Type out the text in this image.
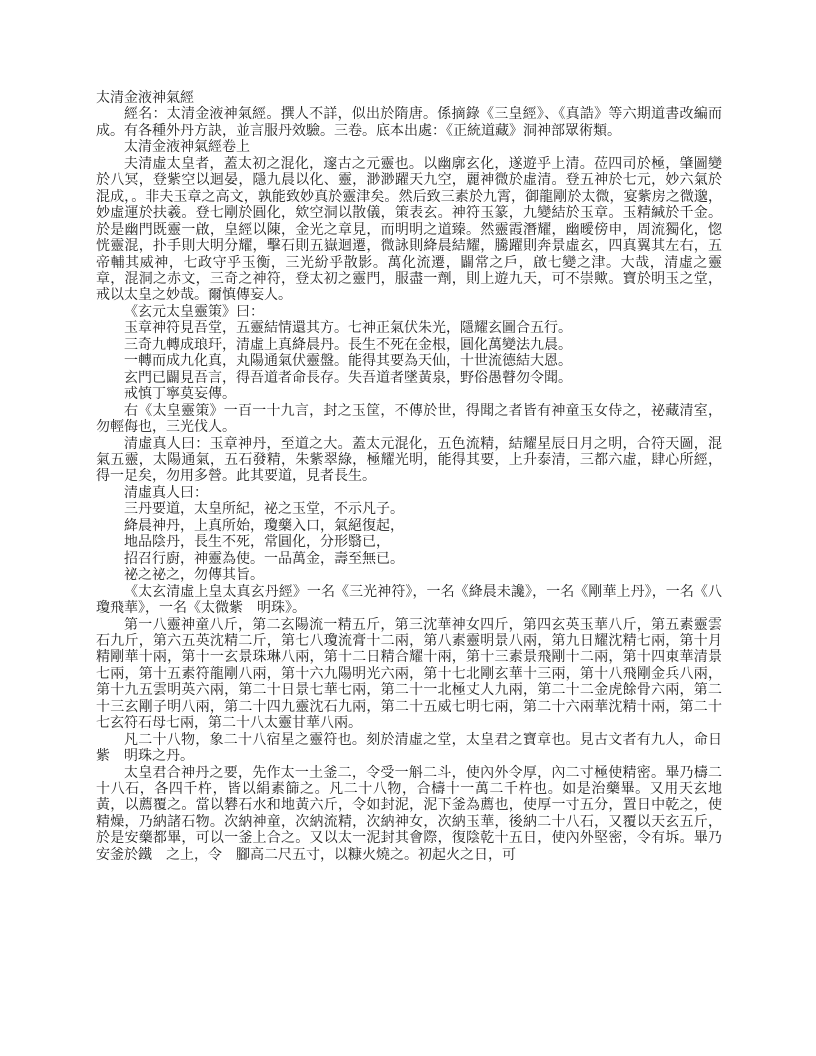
太清金液神氣經

經名：太清金液神氣經。撰人不詳，似出於隋唐。係摘錄《三皇經》、《真誥》等六期道書改編而成。有各種外丹方訣，並言服丹效驗。三卷。底本出處：《正統道藏》洞神部眾術類。

太清金液神氣經卷上

夫清虛太皇者，蓋太初之混化，邃古之元靈也。以幽廓玄化，遂遊乎上清。莅四司於極，肇圖變於八冥，登紫空以迴晏，隱九晨以化、靈，渺渺躍天九空，麗神微於虛清。登五神於七元，妙六氣於混成，。非夫玉章之高文，孰能致妙真於靈津矣。然后致三素於九霄，御龍剛於太微，宴紫房之微邈，妙虛運於扶羲。登七剛於圓化，欸空洞以散儀，策表玄。神符玉篆，九變結於玉章。玉精緘於千金。於是幽門既靈一啟，皇經以陳，金光之章見，而明明之道臻。然靈霞潛耀，幽曖傍申，周流獨化，惚恍靈混，扑手則大明分耀，擊石則五嶽迴遷，微詠則絳晨結耀，騰躍則奔景虛玄，四真翼其左右，五帝輔其威神，七政守乎玉衡，三光紛乎散影。萬化流遷，闢常之戶，啟七變之津。大哉，清虛之靈章，混洞之赤文，三奇之神符，登太初之靈門，服盡一劑，則上遊九天，可不崇歟。寶於明玉之堂，戒以太皇之妙哉。爾慎傳妄人。

《玄元太皇靈策》曰：

玉章神符見吾堂，五靈結情還其方。七神正氣伏朱光，隱耀玄圖合五行。

三奇九轉成琅玕，清虛上真絳晨丹。長生不死在金根，圓化萬變法九晨。

一轉而成九化真，丸陽通氣伏靈盤。能得其要為天仙，十世流德結大恩。

玄門已闢見吾言，得吾道者命長存。失吾道者墜黃泉，野俗愚瞽勿令聞。

戒慎丁寧莫妄傳。

右《太皇靈策》一百一十九言，封之玉筐，不傳於世，得聞之者皆有神童玉女侍之，祕藏清室，勿輕侮也，三光伐人。

清虛真人曰：玉章神丹，至道之大。蓋太元混化，五色流精，結耀星辰日月之明，合符天圖，混氣五靈，太陽通氣，五石發精，朱紫翠綠，極耀光明，能得其要，上升泰清，三都六虛，肆心所經，得一足矣，勿用多營。此其要道，見者長生。

清虛真人曰：

三丹要道，太皇所紀，祕之玉堂，不示凡子。

絳晨神丹，上真所始，瓊藥入口，氣絕復起，

地品陰丹，長生不死，常圓化，分形翳已，

招召行廚，神靈為使。一品萬金，壽至無已。

祕之祕之，勿傳其旨。

《太玄清虛上皇太真玄丹經》一名《三光神符》，一名《絳晨未讒》，一名《剛華上丹》，一名《八瓊飛華》，一名《太微紫　明珠》。

第一八靈神童八斤，第二玄陽流一精五斤，第三沈華神女四斤，第四玄英玉華八斤，第五素靈雲石九斤，第六五英沈精二斤，第七八瓊流膏十二兩，第八素靈明景八兩，第九日耀沈精七兩，第十月精剛華十兩，第十一玄景珠琳八兩，第十二日精合耀十兩，第十三素景飛剛十二兩，第十四東華清景七兩，第十五素符龍剛八兩，第十六九陽明光六兩，第十七北剛玄華十三兩，第十八飛剛金兵八兩，第十九五雲明英六兩，第二十日景七華七兩，第二十一北極丈人九兩，第二十二金虎餘骨六兩，第二十三玄剛子明八兩，第二十四九靈沈石九兩，第二十五威七明七兩，第二十六兩華沈精十兩，第二十七玄符石母七兩，第二十八太靈甘華八兩。

凡二十八物，象二十八宿星之靈符也。刻於清虛之堂，太皇君之寶章也。見古文者有九人，命日紫　明珠之丹。

太皇君合神丹之要，先作太一土釜二，令受一斛二斗，使內外令厚，內二寸極使精密。畢乃檮二十八石，各四千杵，皆以絹素篩之。凡二十八物，合檮十一萬二千杵也。如是治藥畢。又用天玄地黃，以薦覆之。當以礬石水和地黃六斤，令如封泥，泥下釜為薦也，使厚一寸五分，置日中乾之，使精燥，乃納諸石物。次納神童，次納流精，次納神女，次納玉華，後納二十八石，又覆以天玄五斤，於是安藥都畢，可以一釜上合之。又以太一泥封其會際，復陰乾十五日，使內外堅密，令有坼。畢乃安釜於鐵　之上，令　腳高二尺五寸，以糠火燒之。初起火之日，可
